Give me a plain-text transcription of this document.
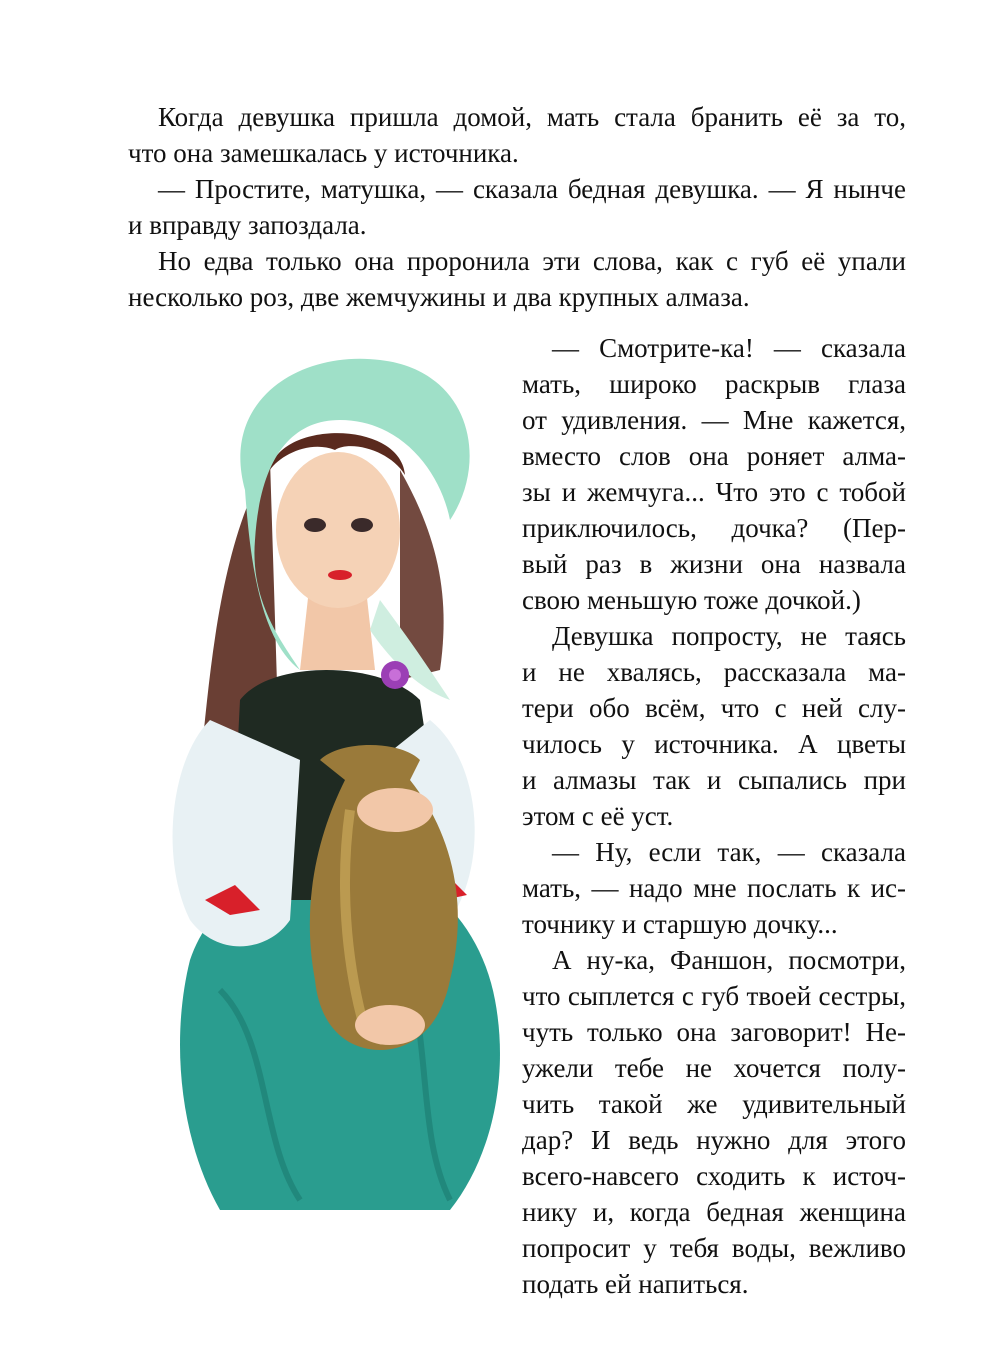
Когда девушка пришла домой, мать стала бранить её за то,

что она замешкалась у источника.

— Простите, матушка, — сказала бедная девушка. — Я нынче

и вправду запоздала.

Но едва только она проронила эти слова, как с губ её упали

несколько роз, две жемчужины и два крупных алмаза.

— Смотрите-ка! — сказала

мать, широко раскрыв глаза

от удивления. — Мне кажется,

вместо слов она роняет алма-

зы и жемчуга... Что это с тобой

приключилось, дочка? (Пер-

вый раз в жизни она назвала

свою меньшую тоже дочкой.)

Девушка попросту, не таясь

и не хвалясь, рассказала ма-

тери обо всём, что с ней слу-

чилось у источника. А цветы

и алмазы так и сыпались при

этом с её уст.

— Ну, если так, — сказала

мать, — надо мне послать к ис-

точнику и старшую дочку...

А ну-ка, Фаншон, посмотри,

что сыплется с губ твоей сестры,

чуть только она заговорит! Не-

ужели тебе не хочется полу-

чить такой же удивительный

дар? И ведь нужно для этого

всего-навсего сходить к источ-

нику и, когда бедная женщина

попросит у тебя воды, вежливо

подать ей напиться.
